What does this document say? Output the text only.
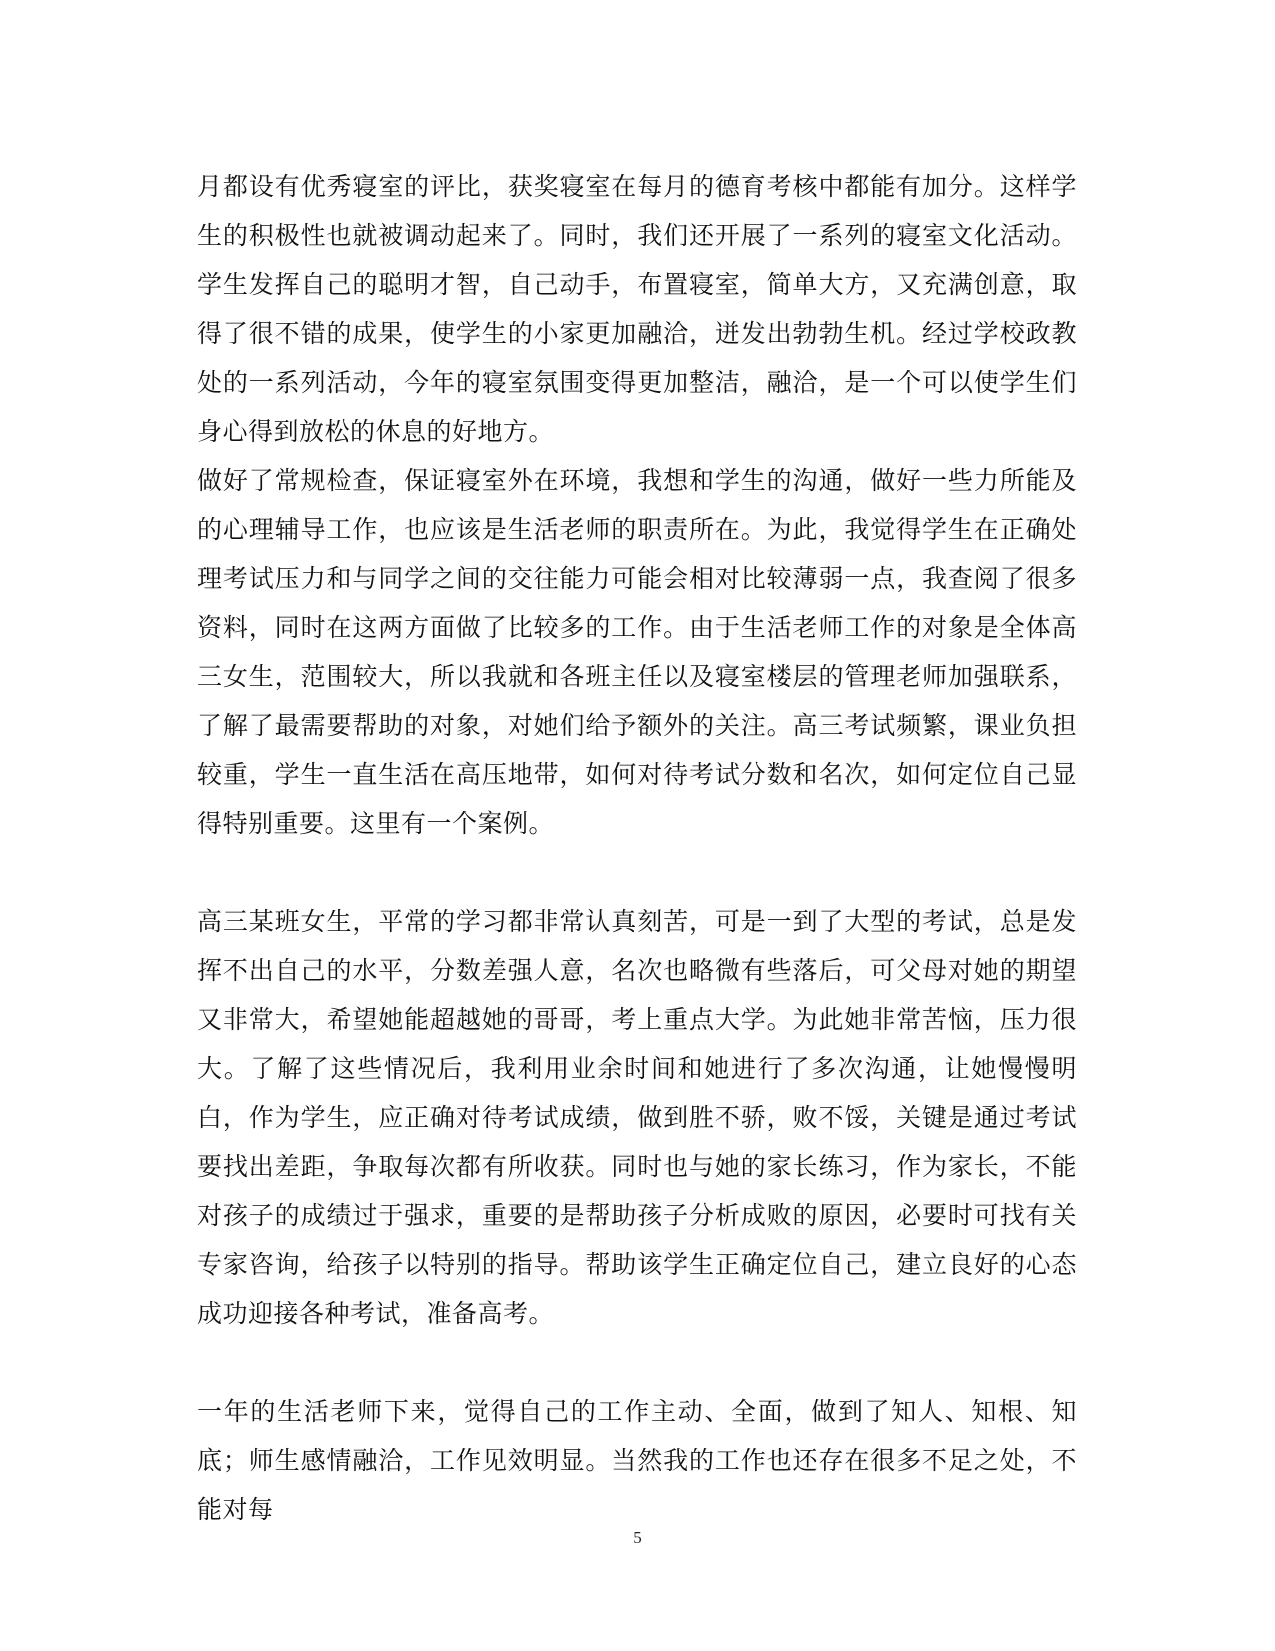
月都设有优秀寝室的评比，获奖寝室在每月的德育考核中都能有加分。这样学生的积极性也就被调动起来了。同时，我们还开展了一系列的寝室文化活动。学生发挥自己的聪明才智，自己动手，布置寝室，简单大方，又充满创意，取得了很不错的成果，使学生的小家更加融洽，迸发出勃勃生机。经过学校政教处的一系列活动，今年的寝室氛围变得更加整洁，融洽，是一个可以使学生们身心得到放松的休息的好地方。

做好了常规检查，保证寝室外在环境，我想和学生的沟通，做好一些力所能及的心理辅导工作，也应该是生活老师的职责所在。为此，我觉得学生在正确处理考试压力和与同学之间的交往能力可能会相对比较薄弱一点，我查阅了很多资料，同时在这两方面做了比较多的工作。由于生活老师工作的对象是全体高三女生，范围较大，所以我就和各班主任以及寝室楼层的管理老师加强联系，了解了最需要帮助的对象，对她们给予额外的关注。高三考试频繁，课业负担较重，学生一直生活在高压地带，如何对待考试分数和名次，如何定位自己显得特别重要。这里有一个案例。

高三某班女生，平常的学习都非常认真刻苦，可是一到了大型的考试，总是发挥不出自己的水平，分数差强人意，名次也略微有些落后，可父母对她的期望又非常大，希望她能超越她的哥哥，考上重点大学。为此她非常苦恼，压力很大。了解了这些情况后，我利用业余时间和她进行了多次沟通，让她慢慢明白，作为学生，应正确对待考试成绩，做到胜不骄，败不馁，关键是通过考试要找出差距，争取每次都有所收获。同时也与她的家长练习，作为家长，不能对孩子的成绩过于强求，重要的是帮助孩子分析成败的原因，必要时可找有关专家咨询，给孩子以特别的指导。帮助该学生正确定位自己，建立良好的心态成功迎接各种考试，准备高考。

一年的生活老师下来，觉得自己的工作主动、全面，做到了知人、知根、知底；师生感情融洽，工作见效明显。当然我的工作也还存在很多不足之处，不能对每

5
